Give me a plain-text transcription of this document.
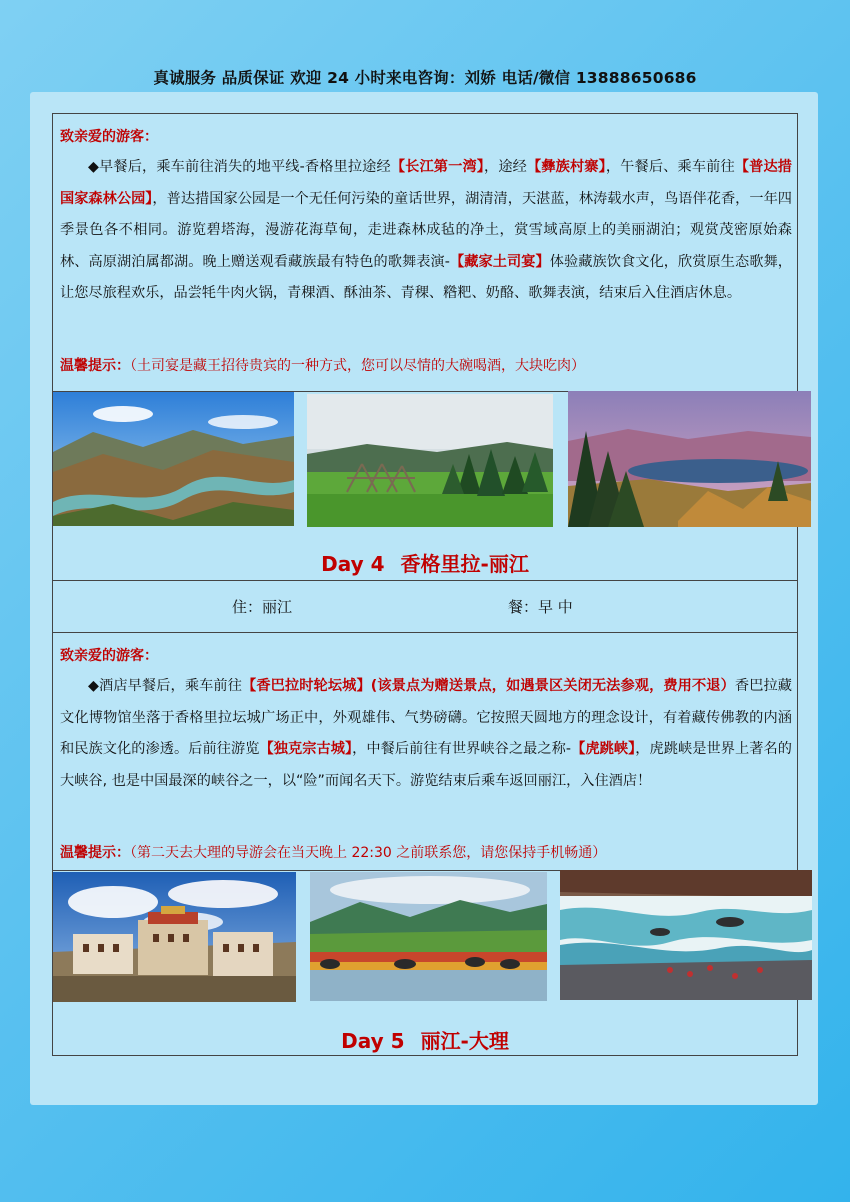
真诚服务 品质保证 欢迎 24 小时来电咨询：刘娇 电话/微信 13888650686
致亲爱的游客：
◆早餐后，乘车前往消失的地平线-香格里拉途经【长江第一湾】，途经【彝族村寨】，午餐后、乘车前往【普达措国家森林公园】，普达措国家公园是一个无任何污染的童话世界，湖清清，天湛蓝，林涛载水声，鸟语伴花香，一年四季景色各不相同。游览碧塔海，漫游花海草甸，走进森林成毡的净土，赏雪域高原上的美丽湖泊；观赏茂密原始森林、高原湖泊属都湖。晚上赠送观看藏族最有特色的歌舞表演-【藏家土司宴】体验藏族饮食文化，欣赏原生态歌舞，让您尽旅程欢乐，品尝牦牛肉火锅，青稞酒、酥油茶、青稞、糌粑、奶酪、歌舞表演，结束后入住酒店休息。
温馨提示：（土司宴是藏王招待贵宾的一种方式，您可以尽情的大碗喝酒，大块吃肉）
Day 4 香格里拉-丽江
住：丽江	餐：早 中
致亲爱的游客：
◆酒店早餐后，乘车前往【香巴拉时轮坛城】(该景点为赠送景点，如遇景区关闭无法参观，费用不退）香巴拉藏文化博物馆坐落于香格里拉坛城广场正中，外观雄伟、气势磅礴。它按照天圆地方的理念设计，有着藏传佛教的内涵和民族文化的渗透。后前往游览【独克宗古城】，中餐后前往有世界峡谷之最之称-【虎跳峡】，虎跳峡是世界上著名的大峡谷, 也是中国最深的峡谷之一，以“险”而闻名天下。游览结束后乘车返回丽江，入住酒店！
温馨提示：（第二天去大理的导游会在当天晚上 22:30 之前联系您，请您保持手机畅通）
Day 5 丽江-大理
